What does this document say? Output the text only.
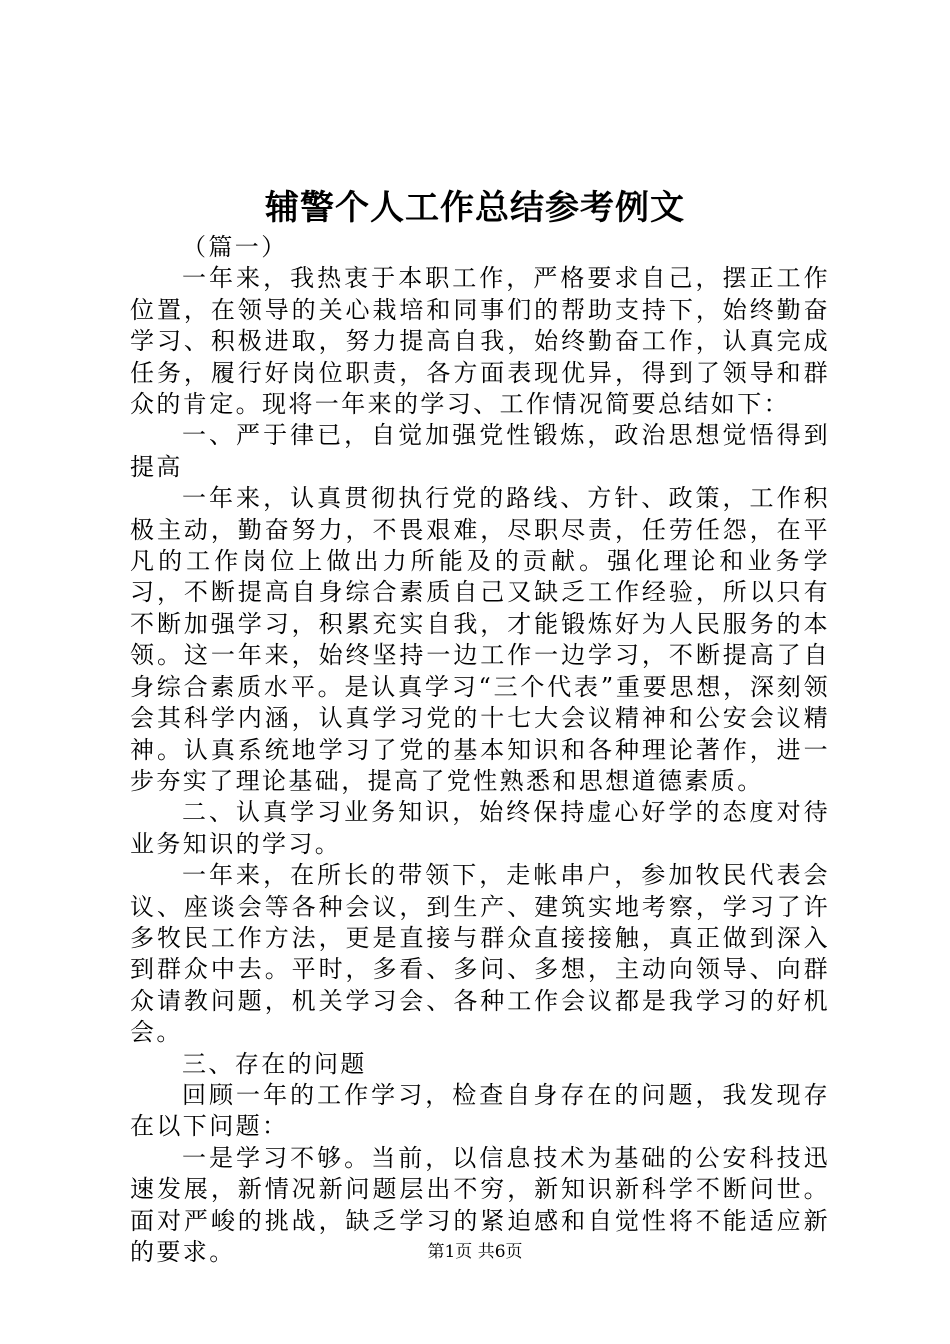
辅警个人工作总结参考例文

（篇一）

一年来，我热衷于本职工作，严格要求自己，摆正工作位置，在领导的关心栽培和同事们的帮助支持下，始终勤奋学习、积极进取，努力提高自我，始终勤奋工作，认真完成任务，履行好岗位职责，各方面表现优异，得到了领导和群众的肯定。现将一年来的学习、工作情况简要总结如下：

一、严于律已，自觉加强党性锻炼，政治思想觉悟得到提高

一年来，认真贯彻执行党的路线、方针、政策，工作积极主动，勤奋努力，不畏艰难，尽职尽责，任劳任怨，在平凡的工作岗位上做出力所能及的贡献。强化理论和业务学习，不断提高自身综合素质自己又缺乏工作经验，所以只有不断加强学习，积累充实自我，才能锻炼好为人民服务的本领。这一年来，始终坚持一边工作一边学习，不断提高了自身综合素质水平。是认真学习“三个代表”重要思想，深刻领会其科学内涵，认真学习党的十七大会议精神和公安会议精神。认真系统地学习了党的基本知识和各种理论著作，进一步夯实了理论基础，提高了党性熟悉和思想道德素质。

二、认真学习业务知识，始终保持虚心好学的态度对待业务知识的学习。

一年来，在所长的带领下，走帐串户，参加牧民代表会议、座谈会等各种会议，到生产、建筑实地考察，学习了许多牧民工作方法，更是直接与群众直接接触，真正做到深入到群众中去。平时，多看、多问、多想，主动向领导、向群众请教问题，机关学习会、各种工作会议都是我学习的好机会。

三、存在的问题

回顾一年的工作学习，检查自身存在的问题，我发现存在以下问题：

一是学习不够。当前，以信息技术为基础的公安科技迅速发展，新情况新问题层出不穷，新知识新科学不断问世。面对严峻的挑战，缺乏学习的紧迫感和自觉性将不能适应新的要求。	第1页 共6页
